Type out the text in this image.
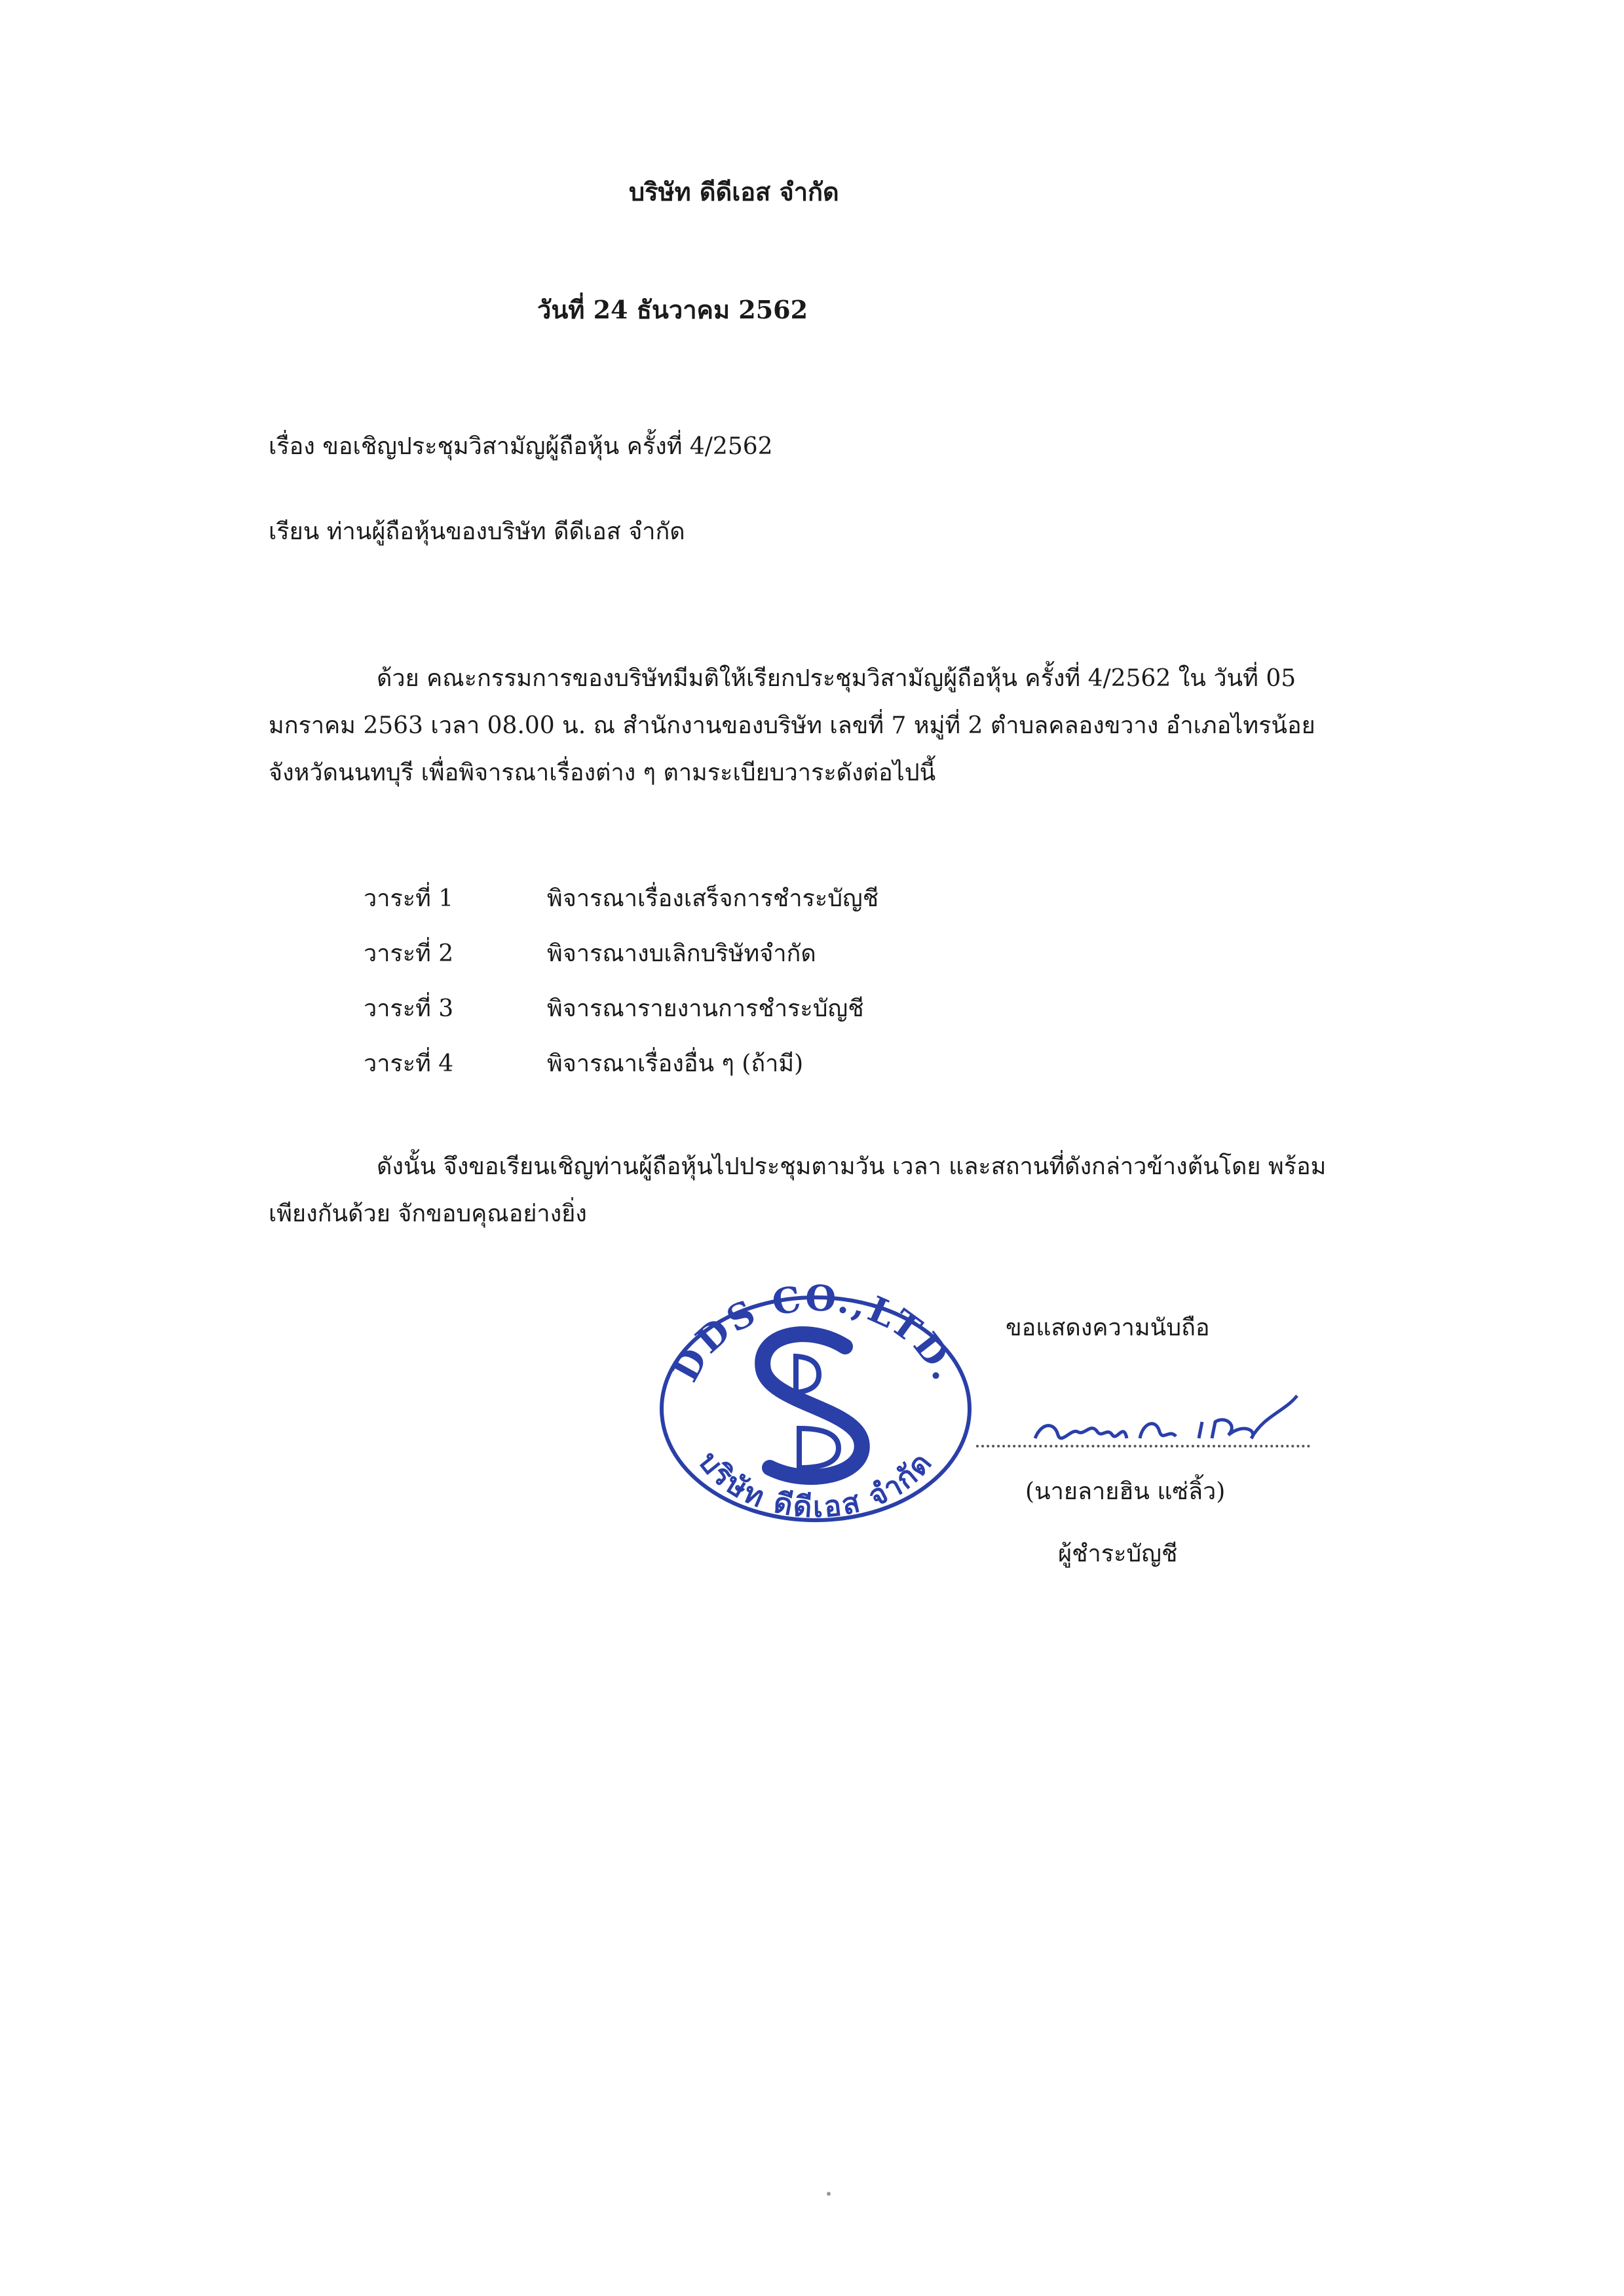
บริษัท ดีดีเอส จำกัด
วันที่ 24 ธันวาคม 2562
เรื่อง ขอเชิญประชุมวิสามัญผู้ถือหุ้น ครั้งที่ 4/2562
เรียน ท่านผู้ถือหุ้นของบริษัท ดีดีเอส จำกัด
ด้วย คณะกรรมการของบริษัทมีมติให้เรียกประชุมวิสามัญผู้ถือหุ้น ครั้งที่ 4/2562 ใน วันที่ 05 มกราคม 2563 เวลา 08.00 น. ณ สำนักงานของบริษัท เลขที่ 7 หมู่ที่ 2 ตำบลคลองขวาง อำเภอไทรน้อย จังหวัดนนทบุรี เพื่อพิจารณาเรื่องต่าง ๆ ตามระเบียบวาระดังต่อไปนี้
วาระที่ 1	พิจารณาเรื่องเสร็จการชำระบัญชี
วาระที่ 2	พิจารณางบเลิกบริษัทจำกัด
วาระที่ 3	พิจารณารายงานการชำระบัญชี
วาระที่ 4	พิจารณาเรื่องอื่น ๆ (ถ้ามี)
ดังนั้น จึงขอเรียนเชิญท่านผู้ถือหุ้นไปประชุมตามวัน เวลา และสถานที่ดังกล่าวข้างต้นโดย พร้อมเพียงกันด้วย จักขอบคุณอย่างยิ่ง
ขอแสดงความนับถือ
DDS CO.,LTD.
บริษัท ดีดีเอส จำกัด
(นายลายฮิน แซ่ลิ้ว)
ผู้ชำระบัญชี
